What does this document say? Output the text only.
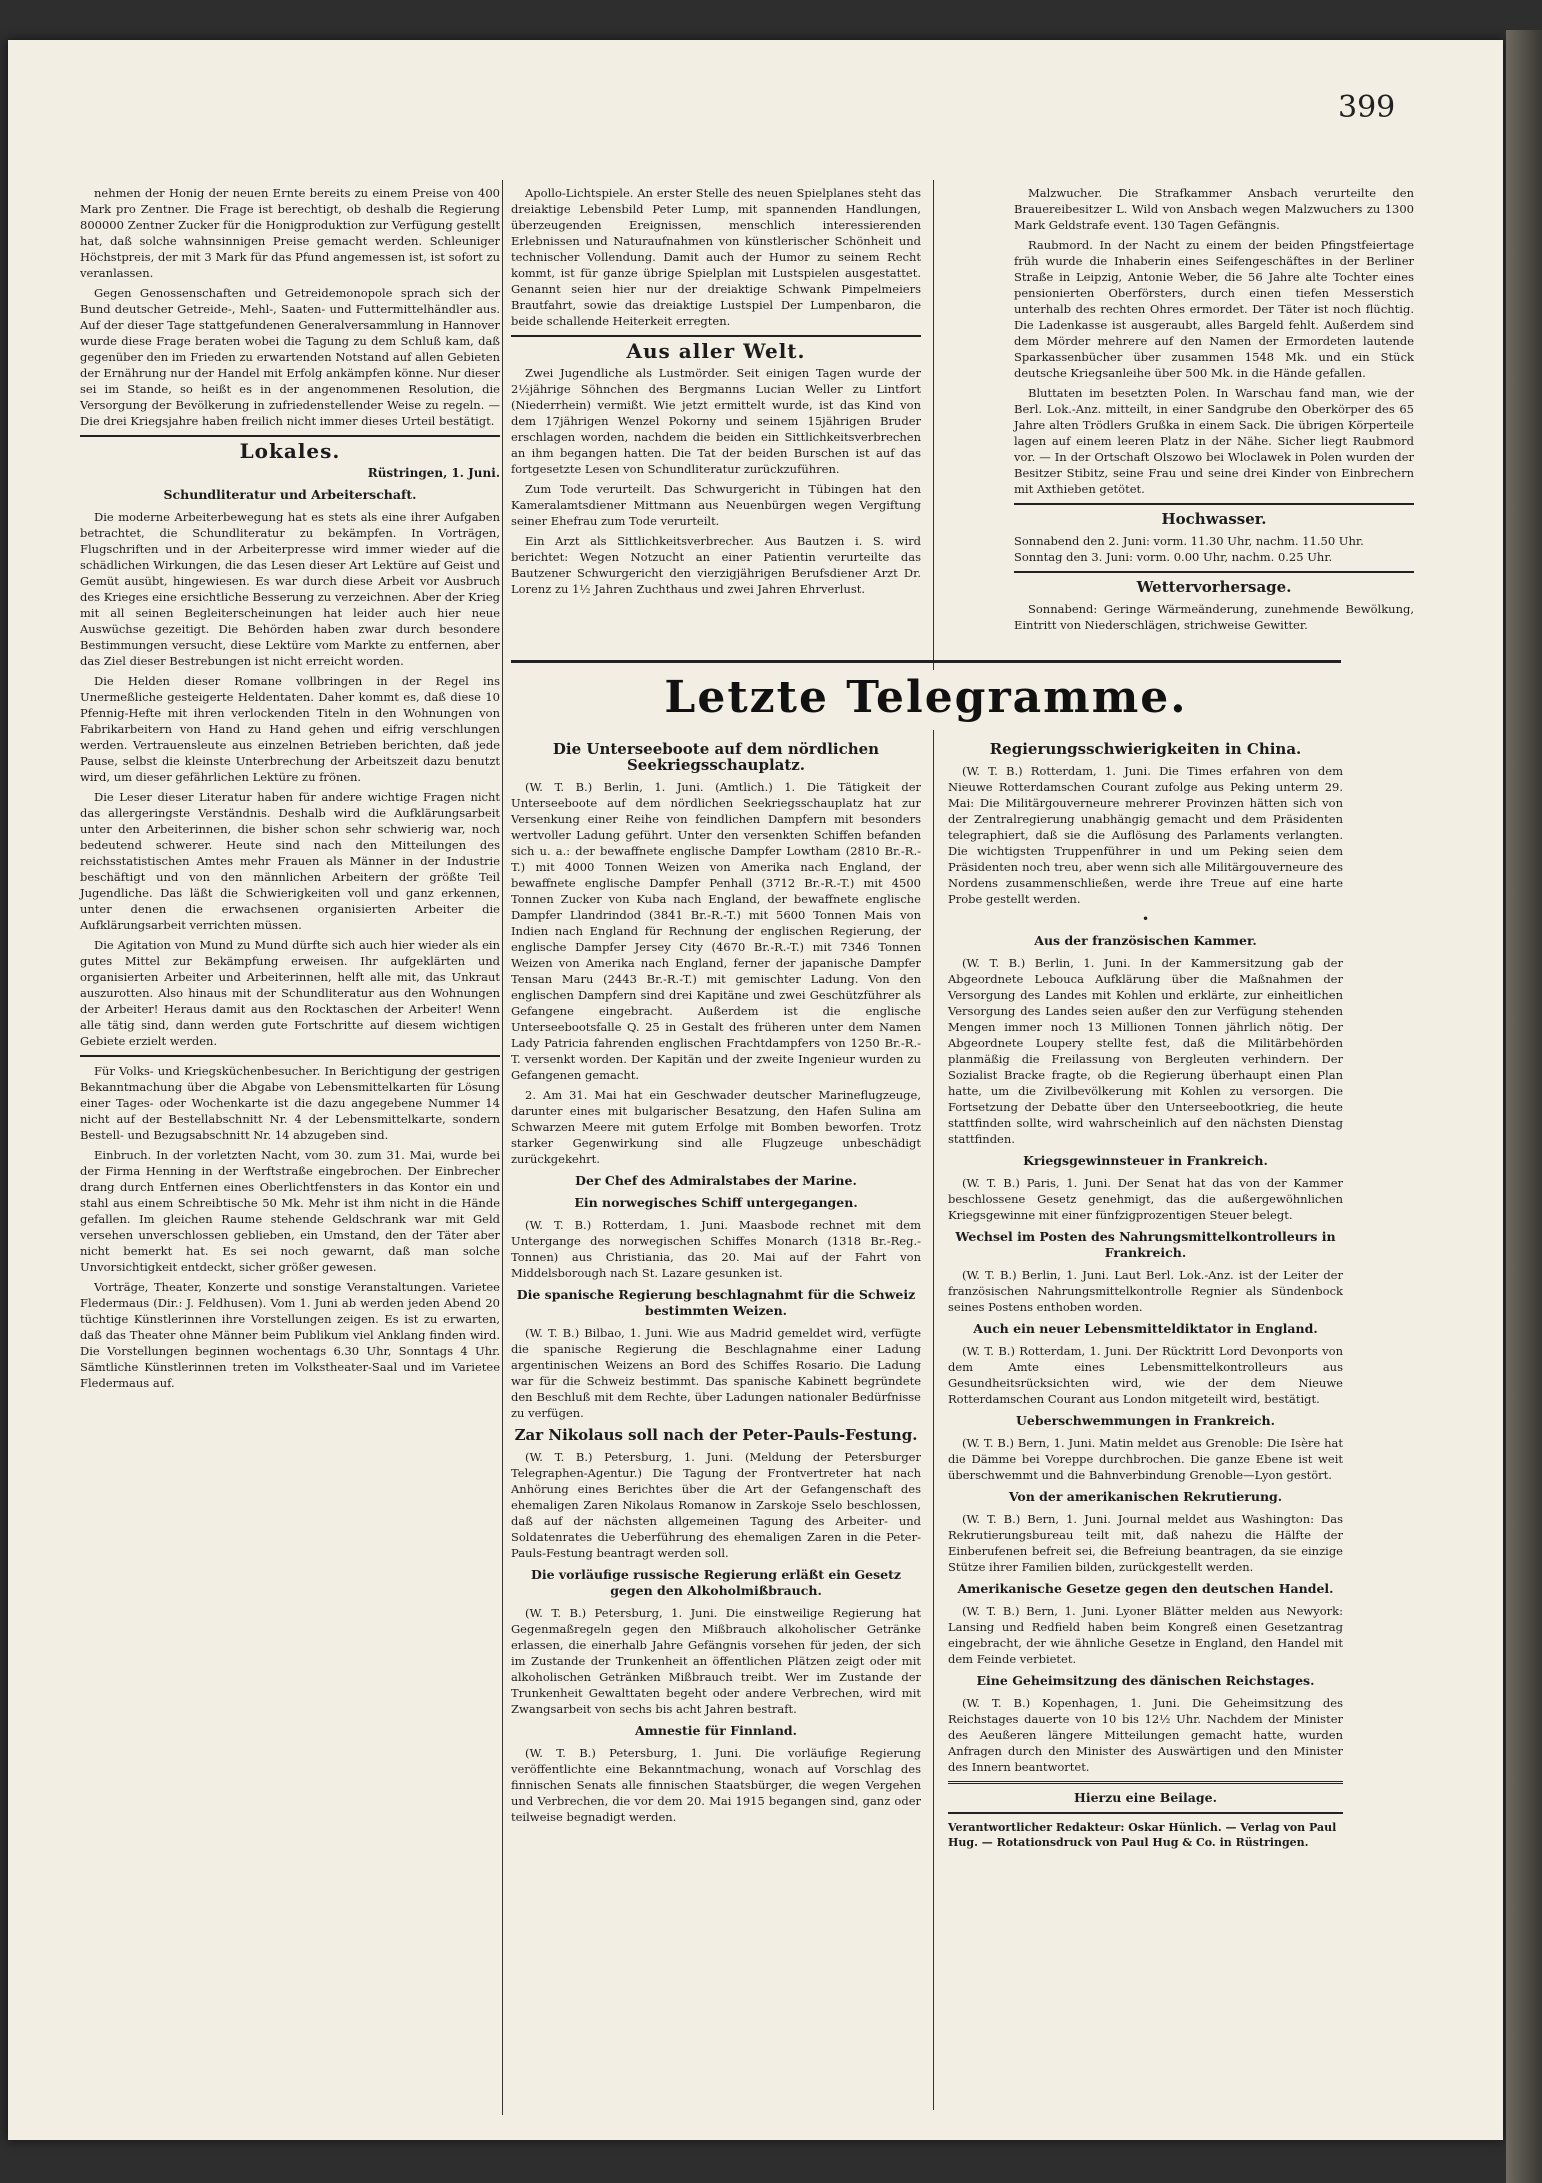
399

nehmen der Honig der neuen Ernte bereits zu einem Preise von 400 Mark pro Zentner. Die Frage ist berechtigt, ob deshalb die Regierung 800000 Zentner Zucker für die Honigproduktion zur Verfügung gestellt hat, daß solche wahnsinnigen Preise gemacht werden. Schleuniger Höchstpreis, der mit 3 Mark für das Pfund angemessen ist, ist sofort zu veranlassen.

Gegen Genossenschaften und Getreidemonopole sprach sich der Bund deutscher Getreide-, Mehl-, Saaten- und Futtermittelhändler aus. Auf der dieser Tage stattgefundenen Generalversammlung in Hannover wurde diese Frage beraten wobei die Tagung zu dem Schluß kam, daß gegenüber den im Frieden zu erwartenden Notstand auf allen Gebieten der Ernährung nur der Handel mit Erfolg ankämpfen könne. Nur dieser sei im Stande, so heißt es in der angenommenen Resolution, die Versorgung der Bevölkerung in zufriedenstellender Weise zu regeln. — Die drei Kriegsjahre haben freilich nicht immer dieses Urteil bestätigt.

Lokales.
Rüstringen, 1. Juni.
Schundliteratur und Arbeiterschaft.

Die moderne Arbeiterbewegung hat es stets als eine ihrer Aufgaben betrachtet, die Schundliteratur zu bekämpfen. In Vorträgen, Flugschriften und in der Arbeiterpresse wird immer wieder auf die schädlichen Wirkungen, die das Lesen dieser Art Lektüre auf Geist und Gemüt ausübt, hingewiesen. Es war durch diese Arbeit vor Ausbruch des Krieges eine ersichtliche Besserung zu verzeichnen. Aber der Krieg mit all seinen Begleiterscheinungen hat leider auch hier neue Auswüchse gezeitigt. Die Behörden haben zwar durch besondere Bestimmungen versucht, diese Lektüre vom Markte zu entfernen, aber das Ziel dieser Bestrebungen ist nicht erreicht worden.

Die Helden dieser Romane vollbringen in der Regel ins Unermeßliche gesteigerte Heldentaten. Daher kommt es, daß diese 10 Pfennig-Hefte mit ihren verlockenden Titeln in den Wohnungen von Fabrikarbeitern von Hand zu Hand gehen und eifrig verschlungen werden. Vertrauensleute aus einzelnen Betrieben berichten, daß jede Pause, selbst die kleinste Unterbrechung der Arbeitszeit dazu benutzt wird, um dieser gefährlichen Lektüre zu frönen.

Die Leser dieser Literatur haben für andere wichtige Fragen nicht das allergeringste Verständnis. Deshalb wird die Aufklärungsarbeit unter den Arbeiterinnen, die bisher schon sehr schwierig war, noch bedeutend schwerer. Heute sind nach den Mitteilungen des reichsstatistischen Amtes mehr Frauen als Männer in der Industrie beschäftigt und von den männlichen Arbeitern der größte Teil Jugendliche. Das läßt die Schwierigkeiten voll und ganz erkennen, unter denen die erwachsenen organisierten Arbeiter die Aufklärungsarbeit verrichten müssen.

Die Agitation von Mund zu Mund dürfte sich auch hier wieder als ein gutes Mittel zur Bekämpfung erweisen. Ihr aufgeklärten und organisierten Arbeiter und Arbeiterinnen, helft alle mit, das Unkraut auszurotten. Also hinaus mit der Schundliteratur aus den Wohnungen der Arbeiter! Heraus damit aus den Rocktaschen der Arbeiter! Wenn alle tätig sind, dann werden gute Fortschritte auf diesem wichtigen Gebiete erzielt werden.

Für Volks- und Kriegsküchenbesucher. In Berichtigung der gestrigen Bekanntmachung über die Abgabe von Lebensmittelkarten für Lösung einer Tages- oder Wochenkarte ist die dazu angegebene Nummer 14 nicht auf der Bestellabschnitt Nr. 4 der Lebensmittelkarte, sondern Bestell- und Bezugsabschnitt Nr. 14 abzugeben sind.

Einbruch. In der vorletzten Nacht, vom 30. zum 31. Mai, wurde bei der Firma Henning in der Werftstraße eingebrochen. Der Einbrecher drang durch Entfernen eines Oberlichtfensters in das Kontor ein und stahl aus einem Schreibtische 50 Mk. Mehr ist ihm nicht in die Hände gefallen. Im gleichen Raume stehende Geldschrank war mit Geld versehen unverschlossen geblieben, ein Umstand, den der Täter aber nicht bemerkt hat. Es sei noch gewarnt, daß man solche Unvorsichtigkeit entdeckt, sicher größer gewesen.

Vorträge, Theater, Konzerte und sonstige Veranstaltungen. Varietee Fledermaus (Dir.: J. Feldhusen). Vom 1. Juni ab werden jeden Abend 20 tüchtige Künstlerinnen ihre Vorstellungen zeigen. Es ist zu erwarten, daß das Theater ohne Männer beim Publikum viel Anklang finden wird. Die Vorstellungen beginnen wochentags 6.30 Uhr, Sonntags 4 Uhr. Sämtliche Künstlerinnen treten im Volkstheater-Saal und im Varietee Fledermaus auf.

Apollo-Lichtspiele. An erster Stelle des neuen Spielplanes steht das dreiaktige Lebensbild Peter Lump, mit spannenden Handlungen, überzeugenden Ereignissen, menschlich interessierenden Erlebnissen und Naturaufnahmen von künstlerischer Schönheit und technischer Vollendung. Damit auch der Humor zu seinem Recht kommt, ist für ganze übrige Spielplan mit Lustspielen ausgestattet. Genannt seien hier nur der dreiaktige Schwank Pimpelmeiers Brautfahrt, sowie das dreiaktige Lustspiel Der Lumpenbaron, die beide schallende Heiterkeit erregten.

Aus aller Welt.

Zwei Jugendliche als Lustmörder. Seit einigen Tagen wurde der 2½jährige Söhnchen des Bergmanns Lucian Weller zu Lintfort (Niederrhein) vermißt. Wie jetzt ermittelt wurde, ist das Kind von dem 17jährigen Wenzel Pokorny und seinem 15jährigen Bruder erschlagen worden, nachdem die beiden ein Sittlichkeitsverbrechen an ihm begangen hatten. Die Tat der beiden Burschen ist auf das fortgesetzte Lesen von Schundliteratur zurückzuführen.

Zum Tode verurteilt. Das Schwurgericht in Tübingen hat den Kameralamtsdiener Mittmann aus Neuenbürgen wegen Vergiftung seiner Ehefrau zum Tode verurteilt.

Ein Arzt als Sittlichkeitsverbrecher. Aus Bautzen i. S. wird berichtet: Wegen Notzucht an einer Patientin verurteilte das Bautzener Schwurgericht den vierzigjährigen Berufsdiener Arzt Dr. Lorenz zu 1½ Jahren Zuchthaus und zwei Jahren Ehrverlust.

Malzwucher. Die Strafkammer Ansbach verurteilte den Brauereibesitzer L. Wild von Ansbach wegen Malzwuchers zu 1300 Mark Geldstrafe event. 130 Tagen Gefängnis.

Raubmord. In der Nacht zu einem der beiden Pfingstfeiertage früh wurde die Inhaberin eines Seifengeschäftes in der Berliner Straße in Leipzig, Antonie Weber, die 56 Jahre alte Tochter eines pensionierten Oberförsters, durch einen tiefen Messerstich unterhalb des rechten Ohres ermordet. Der Täter ist noch flüchtig. Die Ladenkasse ist ausgeraubt, alles Bargeld fehlt. Außerdem sind dem Mörder mehrere auf den Namen der Ermordeten lautende Sparkassenbücher über zusammen 1548 Mk. und ein Stück deutsche Kriegsanleihe über 500 Mk. in die Hände gefallen.

Bluttaten im besetzten Polen. In Warschau fand man, wie der Berl. Lok.-Anz. mitteilt, in einer Sandgrube den Oberkörper des 65 Jahre alten Trödlers Grußka in einem Sack. Die übrigen Körperteile lagen auf einem leeren Platz in der Nähe. Sicher liegt Raubmord vor. — In der Ortschaft Olszowo bei Wloclawek in Polen wurden der Besitzer Stibitz, seine Frau und seine drei Kinder von Einbrechern mit Axthieben getötet.

Hochwasser.
Sonnabend den 2. Juni: vorm. 11.30 Uhr, nachm. 11.50 Uhr.
Sonntag den 3. Juni: vorm. 0.00 Uhr, nachm. 0.25 Uhr.
Wettervorhersage.

Sonnabend: Geringe Wärmeänderung, zunehmende Bewölkung, Eintritt von Niederschlägen, strichweise Gewitter.

Letzte Telegramme.
Die Unterseeboote auf dem nördlichen Seekriegsschauplatz.

(W. T. B.) Berlin, 1. Juni. (Amtlich.) 1. Die Tätigkeit der Unterseeboote auf dem nördlichen Seekriegsschauplatz hat zur Versenkung einer Reihe von feindlichen Dampfern mit besonders wertvoller Ladung geführt. Unter den versenkten Schiffen befanden sich u. a.: der bewaffnete englische Dampfer Lowtham (2810 Br.-R.-T.) mit 4000 Tonnen Weizen von Amerika nach England, der bewaffnete englische Dampfer Penhall (3712 Br.-R.-T.) mit 4500 Tonnen Zucker von Kuba nach England, der bewaffnete englische Dampfer Llandrindod (3841 Br.-R.-T.) mit 5600 Tonnen Mais von Indien nach England für Rechnung der englischen Regierung, der englische Dampfer Jersey City (4670 Br.-R.-T.) mit 7346 Tonnen Weizen von Amerika nach England, ferner der japanische Dampfer Tensan Maru (2443 Br.-R.-T.) mit gemischter Ladung. Von den englischen Dampfern sind drei Kapitäne und zwei Geschützführer als Gefangene eingebracht. Außerdem ist die englische Unterseebootsfalle Q. 25 in Gestalt des früheren unter dem Namen Lady Patricia fahrenden englischen Frachtdampfers von 1250 Br.-R.-T. versenkt worden. Der Kapitän und der zweite Ingenieur wurden zu Gefangenen gemacht.

2. Am 31. Mai hat ein Geschwader deutscher Marineflugzeuge, darunter eines mit bulgarischer Besatzung, den Hafen Sulina am Schwarzen Meere mit gutem Erfolge mit Bomben beworfen. Trotz starker Gegenwirkung sind alle Flugzeuge unbeschädigt zurückgekehrt.

Der Chef des Admiralstabes der Marine.
Ein norwegisches Schiff untergegangen.

(W. T. B.) Rotterdam, 1. Juni. Maasbode rechnet mit dem Untergange des norwegischen Schiffes Monarch (1318 Br.-Reg.-Tonnen) aus Christiania, das 20. Mai auf der Fahrt von Middelsborough nach St. Lazare gesunken ist.

Die spanische Regierung beschlagnahmt für die Schweiz bestimmten Weizen.

(W. T. B.) Bilbao, 1. Juni. Wie aus Madrid gemeldet wird, verfügte die spanische Regierung die Beschlagnahme einer Ladung argentinischen Weizens an Bord des Schiffes Rosario. Die Ladung war für die Schweiz bestimmt. Das spanische Kabinett begründete den Beschluß mit dem Rechte, über Ladungen nationaler Bedürfnisse zu verfügen.

Zar Nikolaus soll nach der Peter-Pauls-Festung.

(W. T. B.) Petersburg, 1. Juni. (Meldung der Petersburger Telegraphen-Agentur.) Die Tagung der Frontvertreter hat nach Anhörung eines Berichtes über die Art der Gefangenschaft des ehemaligen Zaren Nikolaus Romanow in Zarskoje Sselo beschlossen, daß auf der nächsten allgemeinen Tagung des Arbeiter- und Soldatenrates die Ueberführung des ehemaligen Zaren in die Peter-Pauls-Festung beantragt werden soll.

Die vorläufige russische Regierung erläßt ein Gesetz gegen den Alkoholmißbrauch.

(W. T. B.) Petersburg, 1. Juni. Die einstweilige Regierung hat Gegenmaßregeln gegen den Mißbrauch alkoholischer Getränke erlassen, die einerhalb Jahre Gefängnis vorsehen für jeden, der sich im Zustande der Trunkenheit an öffentlichen Plätzen zeigt oder mit alkoholischen Getränken Mißbrauch treibt. Wer im Zustande der Trunkenheit Gewalttaten begeht oder andere Verbrechen, wird mit Zwangsarbeit von sechs bis acht Jahren bestraft.

Amnestie für Finnland.

(W. T. B.) Petersburg, 1. Juni. Die vorläufige Regierung veröffentlichte eine Bekanntmachung, wonach auf Vorschlag des finnischen Senats alle finnischen Staatsbürger, die wegen Vergehen und Verbrechen, die vor dem 20. Mai 1915 begangen sind, ganz oder teilweise begnadigt werden.

Regierungsschwierigkeiten in China.

(W. T. B.) Rotterdam, 1. Juni. Die Times erfahren von dem Nieuwe Rotterdamschen Courant zufolge aus Peking unterm 29. Mai: Die Militärgouverneure mehrerer Provinzen hätten sich von der Zentralregierung unabhängig gemacht und dem Präsidenten telegraphiert, daß sie die Auflösung des Parlaments verlangten. Die wichtigsten Truppenführer in und um Peking seien dem Präsidenten noch treu, aber wenn sich alle Militärgouverneure des Nordens zusammenschließen, werde ihre Treue auf eine harte Probe gestellt werden.

•
Aus der französischen Kammer.

(W. T. B.) Berlin, 1. Juni. In der Kammersitzung gab der Abgeordnete Lebouca Aufklärung über die Maßnahmen der Versorgung des Landes mit Kohlen und erklärte, zur einheitlichen Versorgung des Landes seien außer den zur Verfügung stehenden Mengen immer noch 13 Millionen Tonnen jährlich nötig. Der Abgeordnete Loupery stellte fest, daß die Militärbehörden planmäßig die Freilassung von Bergleuten verhindern. Der Sozialist Bracke fragte, ob die Regierung überhaupt einen Plan hatte, um die Zivilbevölkerung mit Kohlen zu versorgen. Die Fortsetzung der Debatte über den Unterseebootkrieg, die heute stattfinden sollte, wird wahrscheinlich auf den nächsten Dienstag stattfinden.

Kriegsgewinnsteuer in Frankreich.

(W. T. B.) Paris, 1. Juni. Der Senat hat das von der Kammer beschlossene Gesetz genehmigt, das die außergewöhnlichen Kriegsgewinne mit einer fünfzigprozentigen Steuer belegt.

Wechsel im Posten des Nahrungsmittelkontrolleurs in Frankreich.

(W. T. B.) Berlin, 1. Juni. Laut Berl. Lok.-Anz. ist der Leiter der französischen Nahrungsmittelkontrolle Regnier als Sündenbock seines Postens enthoben worden.

Auch ein neuer Lebensmitteldiktator in England.

(W. T. B.) Rotterdam, 1. Juni. Der Rücktritt Lord Devonports von dem Amte eines Lebensmittelkontrolleurs aus Gesundheitsrücksichten wird, wie der dem Nieuwe Rotterdamschen Courant aus London mitgeteilt wird, bestätigt.

Ueberschwemmungen in Frankreich.

(W. T. B.) Bern, 1. Juni. Matin meldet aus Grenoble: Die Isère hat die Dämme bei Voreppe durchbrochen. Die ganze Ebene ist weit überschwemmt und die Bahnverbindung Grenoble—Lyon gestört.

Von der amerikanischen Rekrutierung.

(W. T. B.) Bern, 1. Juni. Journal meldet aus Washington: Das Rekrutierungsbureau teilt mit, daß nahezu die Hälfte der Einberufenen befreit sei, die Befreiung beantragen, da sie einzige Stütze ihrer Familien bilden, zurückgestellt werden.

Amerikanische Gesetze gegen den deutschen Handel.

(W. T. B.) Bern, 1. Juni. Lyoner Blätter melden aus Newyork: Lansing und Redfield haben beim Kongreß einen Gesetzantrag eingebracht, der wie ähnliche Gesetze in England, den Handel mit dem Feinde verbietet.

Eine Geheimsitzung des dänischen Reichstages.

(W. T. B.) Kopenhagen, 1. Juni. Die Geheimsitzung des Reichstages dauerte von 10 bis 12½ Uhr. Nachdem der Minister des Aeußeren längere Mitteilungen gemacht hatte, wurden Anfragen durch den Minister des Auswärtigen und den Minister des Innern beantwortet.

Hierzu eine Beilage.
Verantwortlicher Redakteur: Oskar Hünlich. — Verlag von Paul Hug. — Rotationsdruck von Paul Hug & Co. in Rüstringen.
